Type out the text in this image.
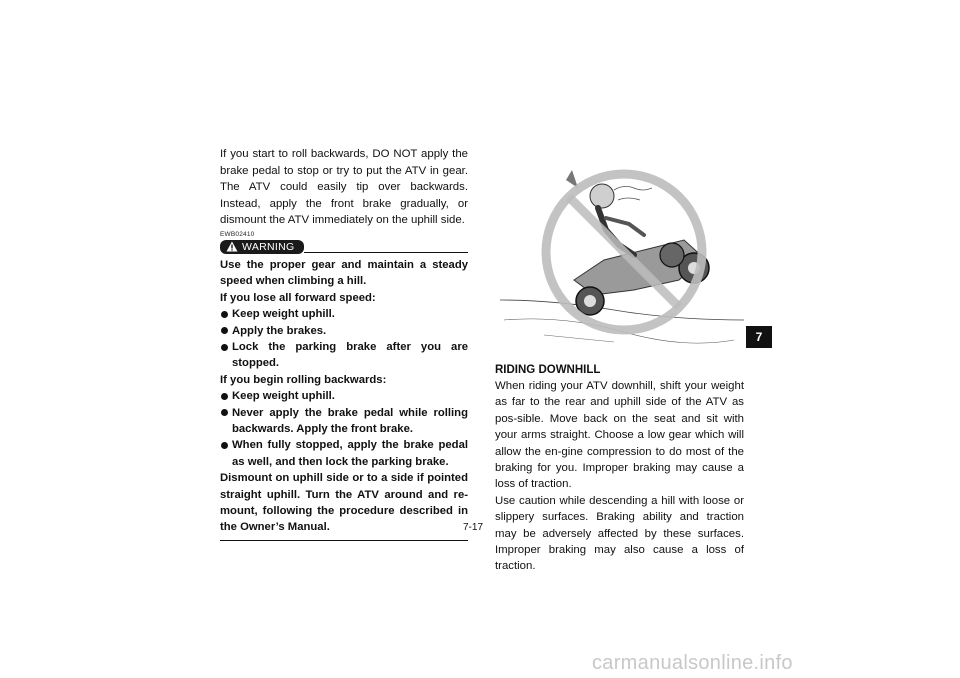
If you start to roll backwards, DO NOT apply the brake pedal to stop or try to put the ATV in gear. The ATV could easily tip over backwards. Instead, apply the front brake gradually, or dismount the ATV immediately on the uphill side.

EWB02410
WARNING

Use the proper gear and maintain a steady speed when climbing a hill.

If you lose all forward speed:

Keep weight uphill.
Apply the brakes.
Lock the parking brake after you are stopped.

If you begin rolling backwards:

Keep weight uphill.
Never apply the brake pedal while rolling backwards. Apply the front brake.
When fully stopped, apply the brake pedal as well, and then lock the parking brake.

Dismount on uphill side or to a side if pointed straight uphill. Turn the ATV around and re-mount, following the procedure described in the Owner’s Manual.

RIDING DOWNHILL

When riding your ATV downhill, shift your weight as far to the rear and uphill side of the ATV as pos-sible. Move back on the seat and sit with your arms straight. Choose a low gear which will allow the en-gine compression to do most of the braking for you. Improper braking may cause a loss of traction.

Use caution while descending a hill with loose or slippery surfaces. Braking ability and traction may be adversely affected by these surfaces. Improper braking may also cause a loss of traction.

7-17
7
carmanualsonline.info
